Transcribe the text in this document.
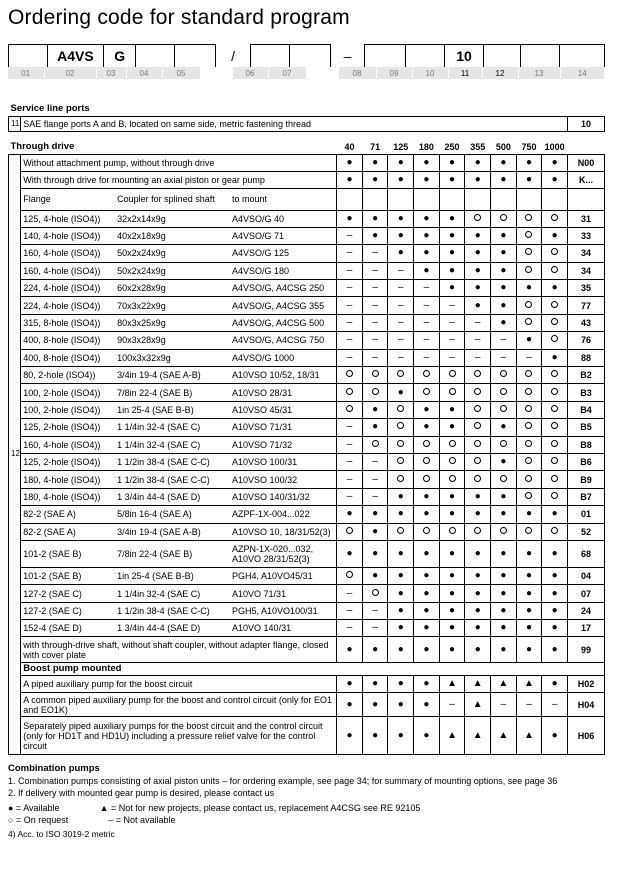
Ordering code for standard program
	A4VS	G			/			–			10			
01	02	03	04	05		06	07		08	09	10	11	12	13	14
Service line ports													
11	SAE flange ports A and B, located on same side, metric fastening thread												10

Through drive				40	71	125	180	250	355	500	750	1000	
12	Without attachment pump, without through drive			●	●	●	●	●	●	●	●	●	N00
	With through drive for mounting an axial piston or gear pump			●	●	●	●	●	●	●	●	●	K...
	Flange	Coupler for splined shaft	to mount										
	125, 4-hole (ISO4))	32x2x14x9g	A4VSO/G 40	●	●	●	●	●					31
	140, 4-hole (ISO4))	40x2x18x9g	A4VSO/G 71	–	●	●	●	●	●	●		●	33
	160, 4-hole (ISO4))	50x2x24x9g	A4VSO/G 125	–	–	●	●	●	●	●			34
	160, 4-hole (ISO4))	50x2x24x9g	A4VSO/G 180	–	–	–	●	●	●	●			34
	224, 4-hole (ISO4))	60x2x28x9g	A4VSO/G, A4CSG 250	–	–	–	–	●	●	●	●	●	35
	224, 4-hole (ISO4))	70x3x22x9g	A4VSO/G, A4CSG 355	–	–	–	–	–	●	●			77
	315, 8-hole (ISO4))	80x3x25x9g	A4VSO/G, A4CSG 500	–	–	–	–	–	–	●			43
	400, 8-hole (ISO4))	90x3x28x9g	A4VSO/G, A4CSG 750	–	–	–	–	–	–	–	●		76
	400, 8-hole (ISO4))	100x3x32x9g	A4VSO/G 1000	–	–	–	–	–	–	–	–	●	88
	80, 2-hole (ISO4))	3/4in 19-4 (SAE A-B)	A10VSO 10/52, 18/31										B2
	100, 2-hole (ISO4))	7/8in 22-4 (SAE B)	A10VSO 28/31			●							B3
	100, 2-hole (ISO4))	1in 25-4 (SAE B-B)	A10VSO 45/31		●		●	●					B4
	125, 2-hole (ISO4))	1 1/4in 32-4 (SAE C)	A10VSO 71/31	–	●		●	●		●			B5
	160, 4-hole (ISO4))	1 1/4in 32-4 (SAE C)	A10VSO 71/32	–									B8
	125, 2-hole (ISO4))	1 1/2in 38-4 (SAE C-C)	A10VSO 100/31	–	–					●			B6
	180, 4-hole (ISO4))	1 1/2in 38-4 (SAE C-C)	A10VSO 100/32	–	–								B9
	180, 4-hole (ISO4))	1 3/4in 44-4 (SAE D)	A10VSO 140/31/32	–	–	●	●	●	●	●			B7
	82-2 (SAE A)	5/8in 16-4 (SAE A)	AZPF-1X-004...022	●	●	●	●	●	●	●	●	●	01
	82-2 (SAE A)	3/4in 19-4 (SAE A-B)	A10VSO 10, 18/31/52(3)		●								52
	101-2 (SAE B)	7/8in 22-4 (SAE B)	AZPN-1X-020...032, A10VO 28/31/52(3)	●	●	●	●	●	●	●	●	●	68
	101-2 (SAE B)	1in 25-4 (SAE B-B)	PGH4, A10VO45/31		●	●	●	●	●	●	●	●	04
	127-2 (SAE C)	1 1/4in 32-4 (SAE C)	A10VO 71/31	–		●	●	●	●	●	●	●	07
	127-2 (SAE C)	1 1/2in 38-4 (SAE C-C)	PGH5, A10VO100/31	–	–	●	●	●	●	●	●	●	24
	152-4 (SAE D)	1 3/4in 44-4 (SAE D)	A10VO 140/31	–	–	●	●	●	●	●	●	●	17
	with through-drive shaft, without shaft coupler, without adapter flange, closed with cover plate			●	●	●	●	●	●	●	●	●	99
	Boost pump mounted												
	A piped auxiliary pump for the boost circuit			●	●	●	●	▲	▲	▲	▲	●	H02
	A common piped auxiliary pump for the boost and control circuit (only for EO1 and EO1K)			●	●	●	●	–	▲	–	–	–	H04
	Separately piped auxiliary pumps for the boost circuit and the control circuit (only for HD1T and HD1U) including a pressure relief valve for the control circuit			●	●	●	●	▲	▲	▲	▲	●	H06
Combination pumps
1. Combination pumps consisting of axial piston units – for ordering example, see page 34; for summary of mounting options, see page 36
2. If delivery with mounted gear pump is desired, please contact us
● = Available	▲ = Not for new projects, please contact us, replacement A4CSG see RE 92105
○ = On request	– = Not available
4) Acc. to ISO 3019-2 metric
